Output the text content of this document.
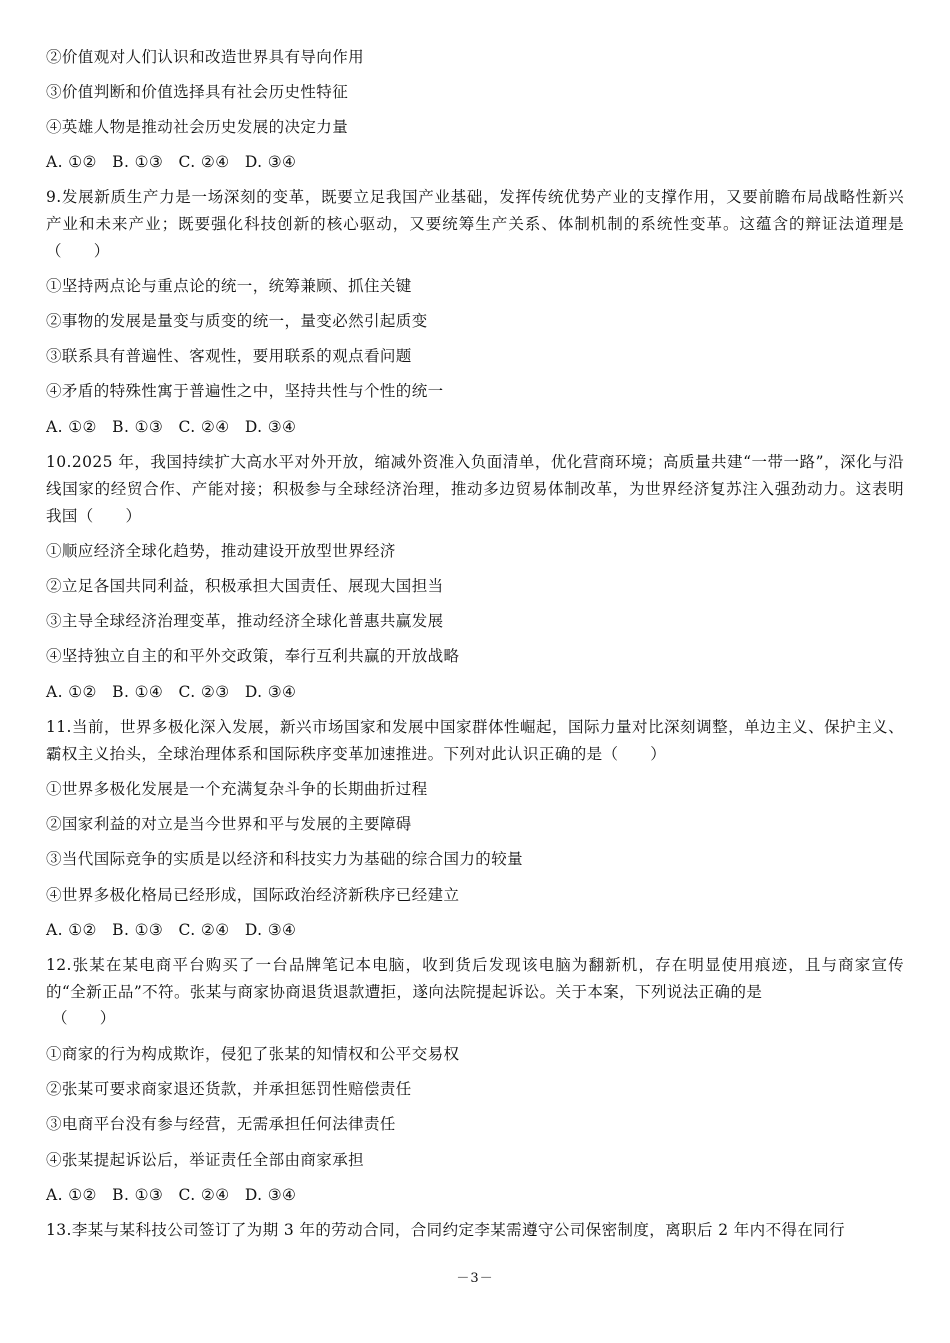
②价值观对人们认识和改造世界具有导向作用
③价值判断和价值选择具有社会历史性特征
④英雄人物是推动社会历史发展的决定力量
A. ①② B. ①③ C. ②④ D. ③④
9.发展新质生产力是一场深刻的变革，既要立足我国产业基础，发挥传统优势产业的支撑作用，又要前瞻布局战略性新兴产业和未来产业；既要强化科技创新的核心驱动，又要统筹生产关系、体制机制的系统性变革。这蕴含的辩证法道理是（　　）
①坚持两点论与重点论的统一，统筹兼顾、抓住关键
②事物的发展是量变与质变的统一，量变必然引起质变
③联系具有普遍性、客观性，要用联系的观点看问题
④矛盾的特殊性寓于普遍性之中，坚持共性与个性的统一
A. ①② B. ①③ C. ②④ D. ③④
10.2025 年，我国持续扩大高水平对外开放，缩减外资准入负面清单，优化营商环境；高质量共建“一带一路”，深化与沿线国家的经贸合作、产能对接；积极参与全球经济治理，推动多边贸易体制改革，为世界经济复苏注入强劲动力。这表明我国（　　）
①顺应经济全球化趋势，推动建设开放型世界经济
②立足各国共同利益，积极承担大国责任、展现大国担当
③主导全球经济治理变革，推动经济全球化普惠共赢发展
④坚持独立自主的和平外交政策，奉行互利共赢的开放战略
A. ①② B. ①④ C. ②③ D. ③④
11.当前，世界多极化深入发展，新兴市场国家和发展中国家群体性崛起，国际力量对比深刻调整，单边主义、保护主义、霸权主义抬头，全球治理体系和国际秩序变革加速推进。下列对此认识正确的是（　　）
①世界多极化发展是一个充满复杂斗争的长期曲折过程
②国家利益的对立是当今世界和平与发展的主要障碍
③当代国际竞争的实质是以经济和科技实力为基础的综合国力的较量
④世界多极化格局已经形成，国际政治经济新秩序已经建立
A. ①② B. ①③ C. ②④ D. ③④
12.张某在某电商平台购买了一台品牌笔记本电脑，收到货后发现该电脑为翻新机，存在明显使用痕迹，且与商家宣传的“全新正品”不符。张某与商家协商退货退款遭拒，遂向法院提起诉讼。关于本案，下列说法正确的是
（　　）
①商家的行为构成欺诈，侵犯了张某的知情权和公平交易权
②张某可要求商家退还货款，并承担惩罚性赔偿责任
③电商平台没有参与经营，无需承担任何法律责任
④张某提起诉讼后，举证责任全部由商家承担
A. ①② B. ①③ C. ②④ D. ③④
13.李某与某科技公司签订了为期 3 年的劳动合同，合同约定李某需遵守公司保密制度，离职后 2 年内不得在同行
－3－
